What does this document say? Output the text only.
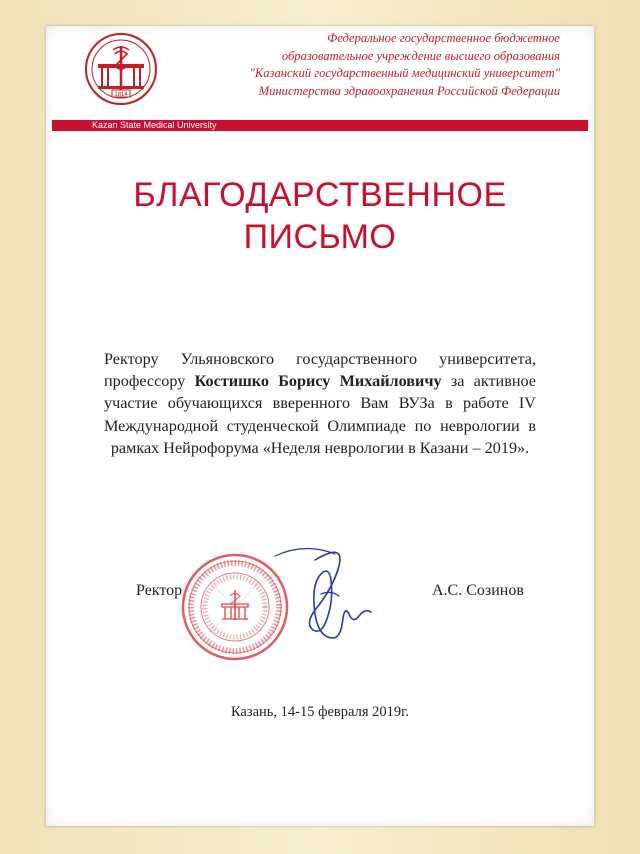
1814
Федеральное государственное бюджетное
образовательное учреждение высшего образования
"Казанский государственный медицинский университет"
Министерства здравоохранения Российской Федерации
Kazan State Medical University
БЛАГОДАРСТВЕННОЕ
ПИСЬМО
Ректору Ульяновского государственного университета, профессору Костишко Борису Михайловичу за активное участие обучающихся вверенного Вам ВУЗа в работе IV Международной студенческой Олимпиаде по неврологии в рамках Нейрофорума «Неделя неврологии в Казани – 2019».
Ректор	А.С. Созинов
Казань, 14-15 февраля 2019г.
